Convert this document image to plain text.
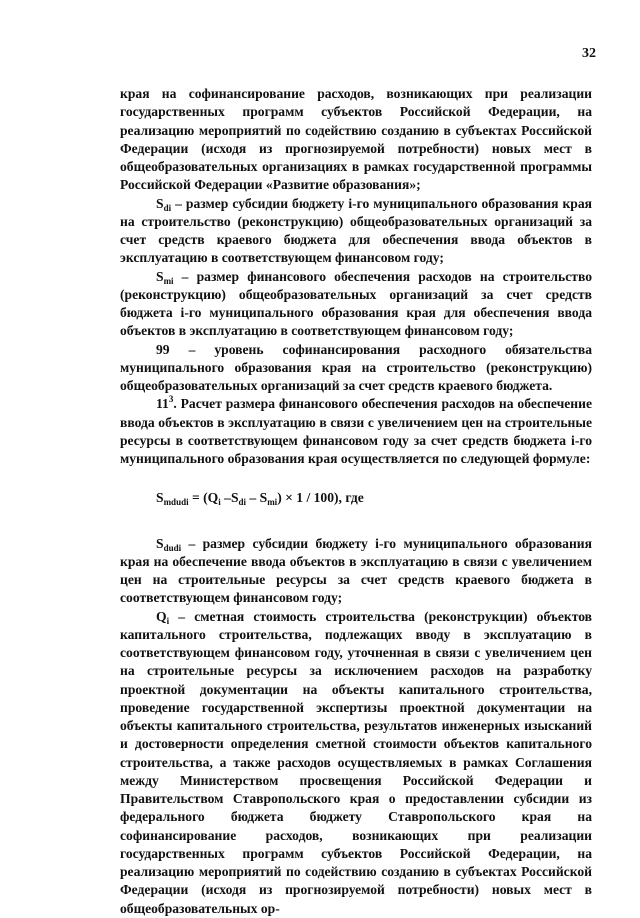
32

края на софинансирование расходов, возникающих при реализации государственных программ субъектов Российской Федерации, на реализацию мероприятий по содействию созданию в субъектах Российской Федерации (исходя из прогнозируемой потребности) новых мест в общеобразовательных организациях в рамках государственной программы Российской Федерации «Развитие образования»;

$S_{di}$ – размер субсидии бюджету i-го муниципального образования края на строительство (реконструкцию) общеобразовательных организаций за счет средств краевого бюджета для обеспечения ввода объектов в эксплуатацию в соответствующем финансовом году;

$S_{mi}$ – размер финансового обеспечения расходов на строительство (реконструкцию) общеобразовательных организаций за счет средств бюджета i-го муниципального образования края для обеспечения ввода объектов в эксплуатацию в соответствующем финансовом году;

99 – уровень софинансирования расходного обязательства муниципального образования края на строительство (реконструкцию) общеобразовательных организаций за счет средств краевого бюджета.

$11^3$. Расчет размера финансового обеспечения расходов на обеспечение ввода объектов в эксплуатацию в связи с увеличением цен на строительные ресурсы в соответствующем финансовом году за счет средств бюджета i-го муниципального образования края осуществляется по следующей формуле:

$S_{mdudi} = (Q_i$ $-S_{di} - S_{mi}) \times 1 / 100$), где

$S_{dudi}$ – размер субсидии бюджету i-го муниципального образования края на обеспечение ввода объектов в эксплуатацию в связи с увеличением цен на строительные ресурсы за счет средств краевого бюджета в соответствующем финансовом году;

$Q_i$ – сметная стоимость строительства (реконструкции) объектов капитального строительства, подлежащих вводу в эксплуатацию в соответствующем финансовом году, уточненная в связи с увеличением цен на строительные ресурсы за исключением расходов на разработку проектной документации на объекты капитального строительства, проведение государственной экспертизы проектной документации на объекты капитального строительства, результатов инженерных изысканий и достоверности определения сметной стоимости объектов капитального строительства, а также расходов осуществляемых в рамках Соглашения между Министерством просвещения Российской Федерации и Правительством Ставропольского края о предоставлении субсидии из федерального бюджета бюджету Ставропольского края на софинансирование расходов, возникающих при реализации государственных программ субъектов Российской Федерации, на реализацию мероприятий по содействию созданию в субъектах Российской Федерации (исходя из прогнозируемой потребности) новых мест в общеобразовательных ор-
